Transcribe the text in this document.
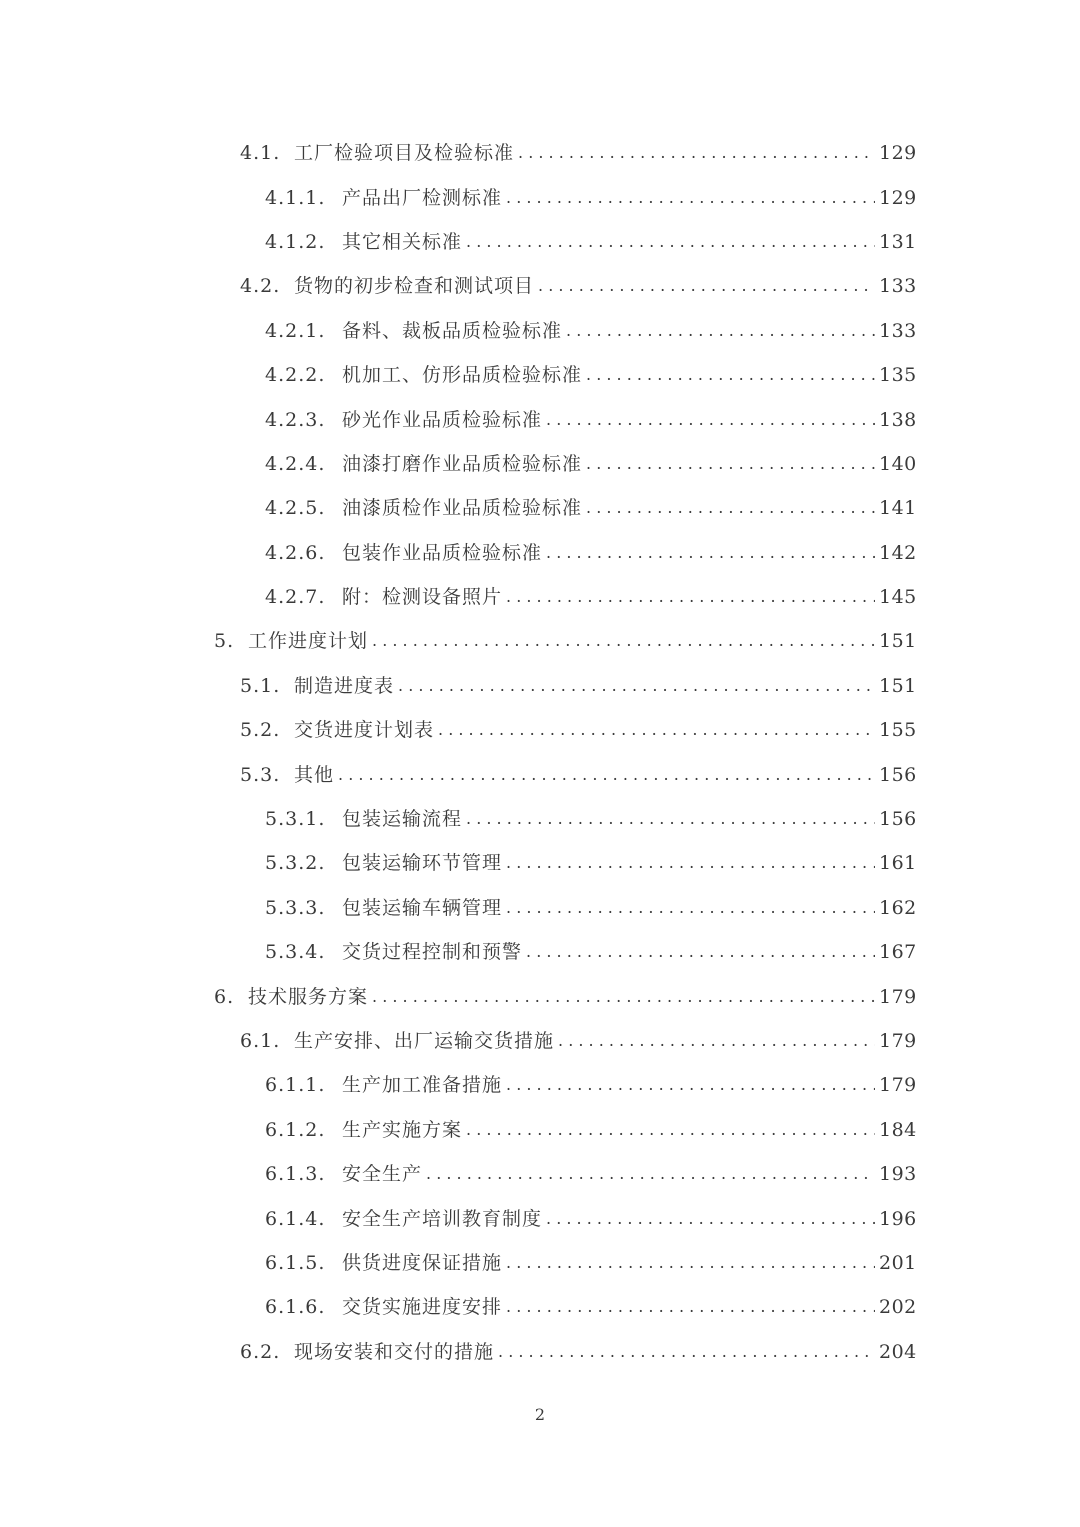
4.1. 工厂检验项目及检验标准 . . .	129
4.1.1. 产品出厂检测标准 . . .	129
4.1.2. 其它相关标准 . . .	131
4.2. 货物的初步检查和测试项目 . . .	133
4.2.1. 备料、裁板品质检验标准 . . .	133
4.2.2. 机加工、仿形品质检验标准 . . .	135
4.2.3. 砂光作业品质检验标准 . . .	138
4.2.4. 油漆打磨作业品质检验标准 . . .	140
4.2.5. 油漆质检作业品质检验标准 . . .	141
4.2.6. 包装作业品质检验标准 . . .	142
4.2.7. 附：检测设备照片 . . .	145
5. 工作进度计划 . . .	151
5.1. 制造进度表 . . .	151
5.2. 交货进度计划表 . . .	155
5.3. 其他 . . .	156
5.3.1. 包装运输流程 . . .	156
5.3.2. 包装运输环节管理 . . .	161
5.3.3. 包装运输车辆管理 . . .	162
5.3.4. 交货过程控制和预警 . . .	167
6. 技术服务方案 . . .	179
6.1. 生产安排、出厂运输交货措施 . . .	179
6.1.1. 生产加工准备措施 . . .	179
6.1.2. 生产实施方案 . . .	184
6.1.3. 安全生产 . . .	193
6.1.4. 安全生产培训教育制度 . . .	196
6.1.5. 供货进度保证措施 . . .	201
6.1.6. 交货实施进度安排 . . .	202
6.2. 现场安装和交付的措施 . . .	204
2
